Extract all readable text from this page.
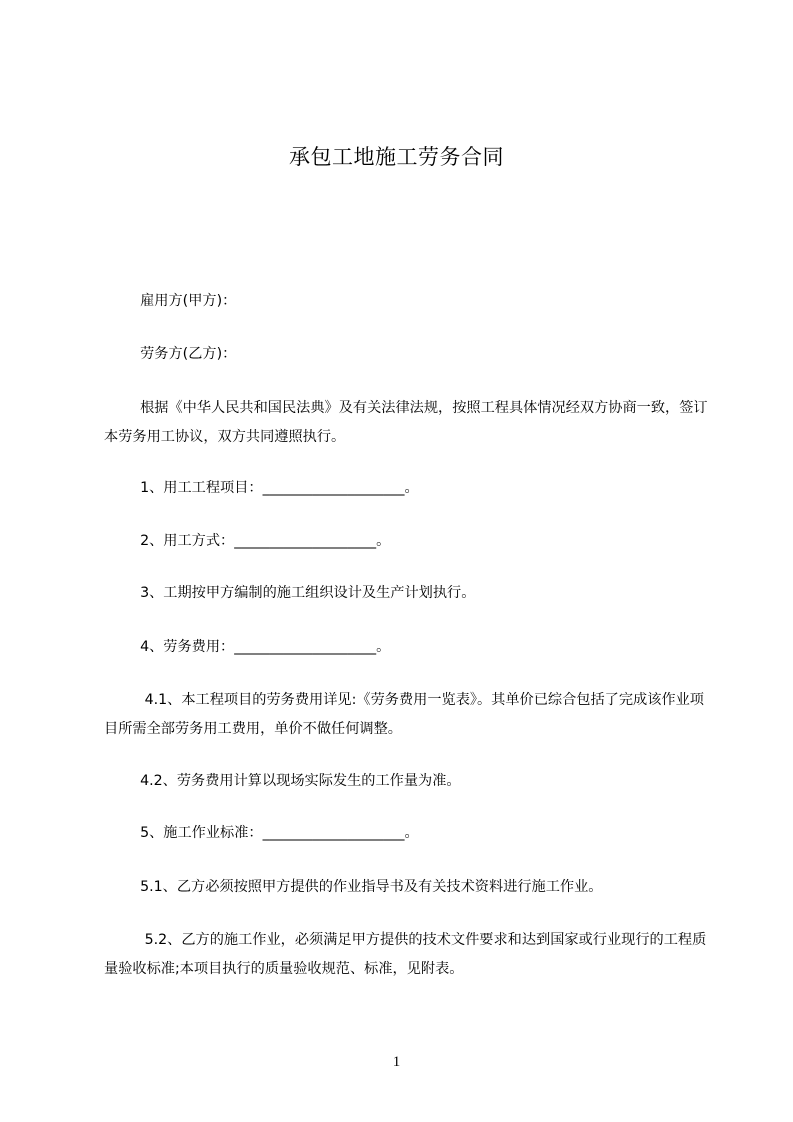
承包工地施工劳务合同
雇用方(甲方)：
劳务方(乙方)：
根据《中华人民共和国民法典》及有关法律法规，按照工程具体情况经双方协商一致，签订本劳务用工协议，双方共同遵照执行。
1、用工工程项目：____________________。
2、用工方式：____________________。
3、工期按甲方编制的施工组织设计及生产计划执行。
4、劳务费用：____________________。
4.1、本工程项目的劳务费用详见:《劳务费用一览表》。其单价已综合包括了完成该作业项目所需全部劳务用工费用，单价不做任何调整。
4.2、劳务费用计算以现场实际发生的工作量为准。
5、施工作业标准：____________________。
5.1、乙方必须按照甲方提供的作业指导书及有关技术资料进行施工作业。
5.2、乙方的施工作业，必须满足甲方提供的技术文件要求和达到国家或行业现行的工程质量验收标准;本项目执行的质量验收规范、标准，见附表。
1
